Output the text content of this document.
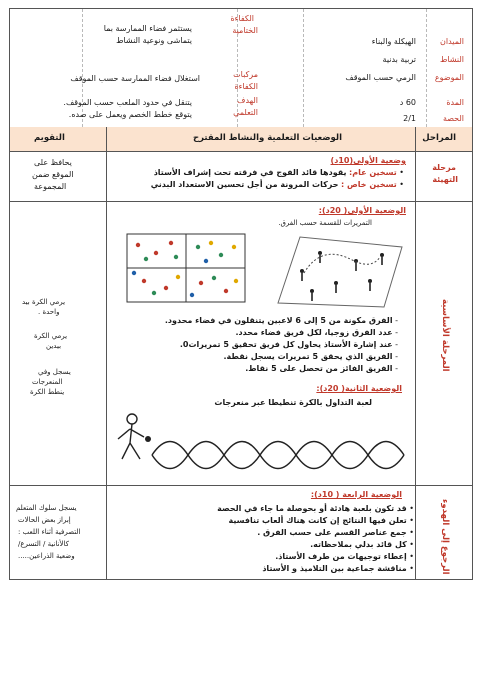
الميدان
النشاط
الموضوع
المدة
الحصة
الهيكلة والبناء
تربية بدنية
الرمي حسب الموقف
60 د
2/1
الكفاءة
الختامية
مركبات
الكفاءة
الهدف
التعلمي
يستثمر فضاء الممارسة بما
يتماشى ونوعية النشاط
استغلال فضاء الممارسة حسب الموقف
يتنقل في حدود الملعب حسب الموقف.
يتوقع خطط الخصم ويعمل على صده.
المراحل
الوضعيات التعلمية والنشاط المقترح
التقويم
مرحلة
التهيئة
المرحلة الأساسية
الرجوع إلى الهدوء
وضعية الأولى(10د)
• تسخين عام: يقودها قائد الفوج في فرقته تحت إشراف الأستاذ
• تسخين خاص : حركات المرونة من أجل تحسين الاستعداد البدني
يحافظ على
الموقع ضمن
المجموعة
الوضعية الأولى( 20د):
التمريرات للقسمة حسب الفرق.
- الفرق مكونة من 5 إلى 6 لاعبين يتنقلون في فضاء محدود.
- عدد الفرق زوجيا، لكل فريق فضاء محدد.
- عند إشارة الأستاذ يحاول كل فريق تحقيق 5 تمريرات0.
- الفريق الذي يحقق 5 تمريرات يسجل نقطة.
- الفريق الفائز من تحصل على 5 نقاط.
يرمي الكرة بيد
واحدة .
يرمي الكرة
بيدين
يسجل وفي
المنعرجات
ينطط الكرة	الوضعية الثانية( 20د):
لعبة التداول بالكرة تنطيطا عبر منعرجات
الوضعية الرابعة ( 10د):
• قد تكون بلعبة هادئة أو بحوصلة ما جاء في الحصة
• تعلن فيها النتائج إن كانت هناك ألعاب تنافسية
• جمع عناصر القسم على حسب الفرق .
• كل قائد بدلي بملاحظاته.
• إعطاء توجيهات من طرف الأستاذ.
• مناقشة جماعية بين التلاميذ و الأستاذ
يسجل سلوك المتعلم
إبراز بعض الحالات
التصرفية أثناء اللعب :
كالأنانية / التسرع/
وضعية الذراعين.....
